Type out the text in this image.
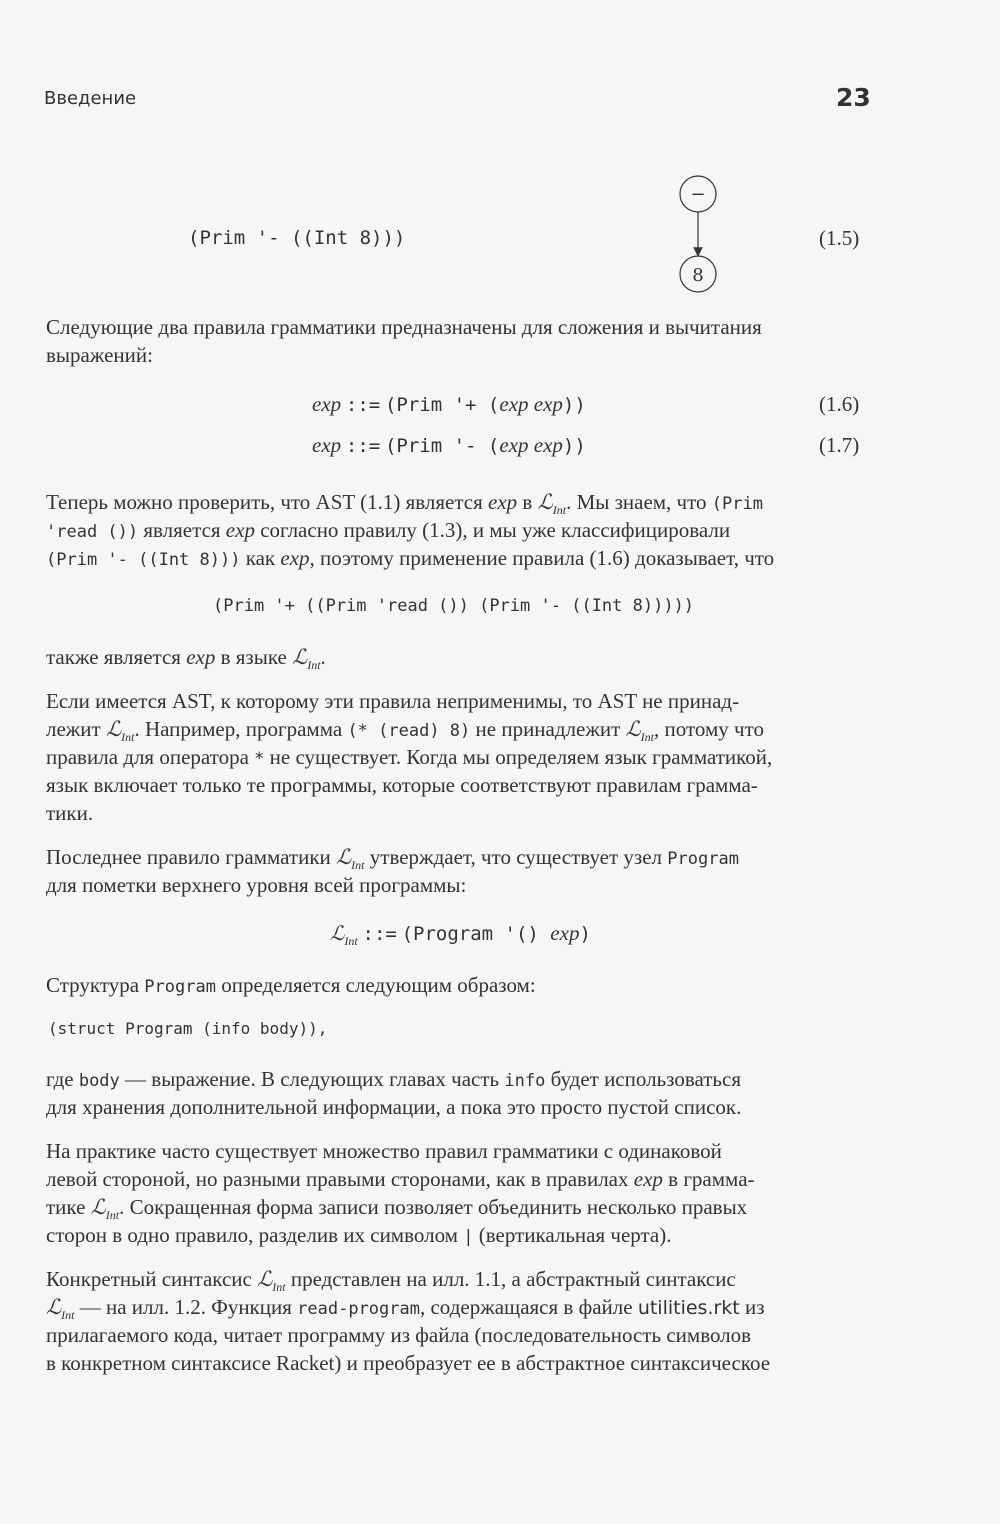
Введение	23
(Prim '- ((Int 8)))
−
8
(1.5)
Следующие два правила грамматики предназначены для сложения и вычитания
выражений:
exp ::= (Prim '+ (exp exp))	(1.6)
exp ::= (Prim '- (exp exp))	(1.7)
Теперь можно проверить, что AST (1.1) является exp в ℒ$_{Int}$. Мы знаем, что (Prim
'read ()) является exp согласно правилу (1.3), и мы уже классифицировали
(Prim '- ((Int 8))) как exp, поэтому применение правила (1.6) доказывает, что
(Prim '+ ((Prim 'read ()) (Prim '- ((Int 8)))))
также является exp в языке ℒ$_{Int}$.
Если имеется AST, к которому эти правила неприменимы, то AST не принад-
лежит ℒ$_{Int}$. Например, программа (* (read) 8) не принадлежит ℒ$_{Int}$, потому что
правила для оператора * не существует. Когда мы определяем язык грамматикой,
язык включает только те программы, которые соответствуют правилам грамма-
тики.
Последнее правило грамматики ℒ$_{Int}$ утверждает, что существует узел Program
для пометки верхнего уровня всей программы:
ℒ$_{Int}$ ::= (Program '() exp)
Структура Program определяется следующим образом:
(struct Program (info body)),
где body — выражение. В следующих главах часть info будет использоваться
для хранения дополнительной информации, а пока это просто пустой список.
На практике часто существует множество правил грамматики с одинаковой
левой стороной, но разными правыми сторонами, как в правилах exp в грамма-
тике ℒ$_{Int}$. Сокращенная форма записи позволяет объединить несколько правых
сторон в одно правило, разделив их символом | (вертикальная черта).
Конкретный синтаксис ℒ$_{Int}$ представлен на илл. 1.1, а абстрактный синтаксис
ℒ$_{Int}$ — на илл. 1.2. Функция read-program, содержащаяся в файле utilities.rkt из
прилагаемого кода, читает программу из файла (последовательность символов
в конкретном синтаксисе Racket) и преобразует ее в абстрактное синтаксическое
